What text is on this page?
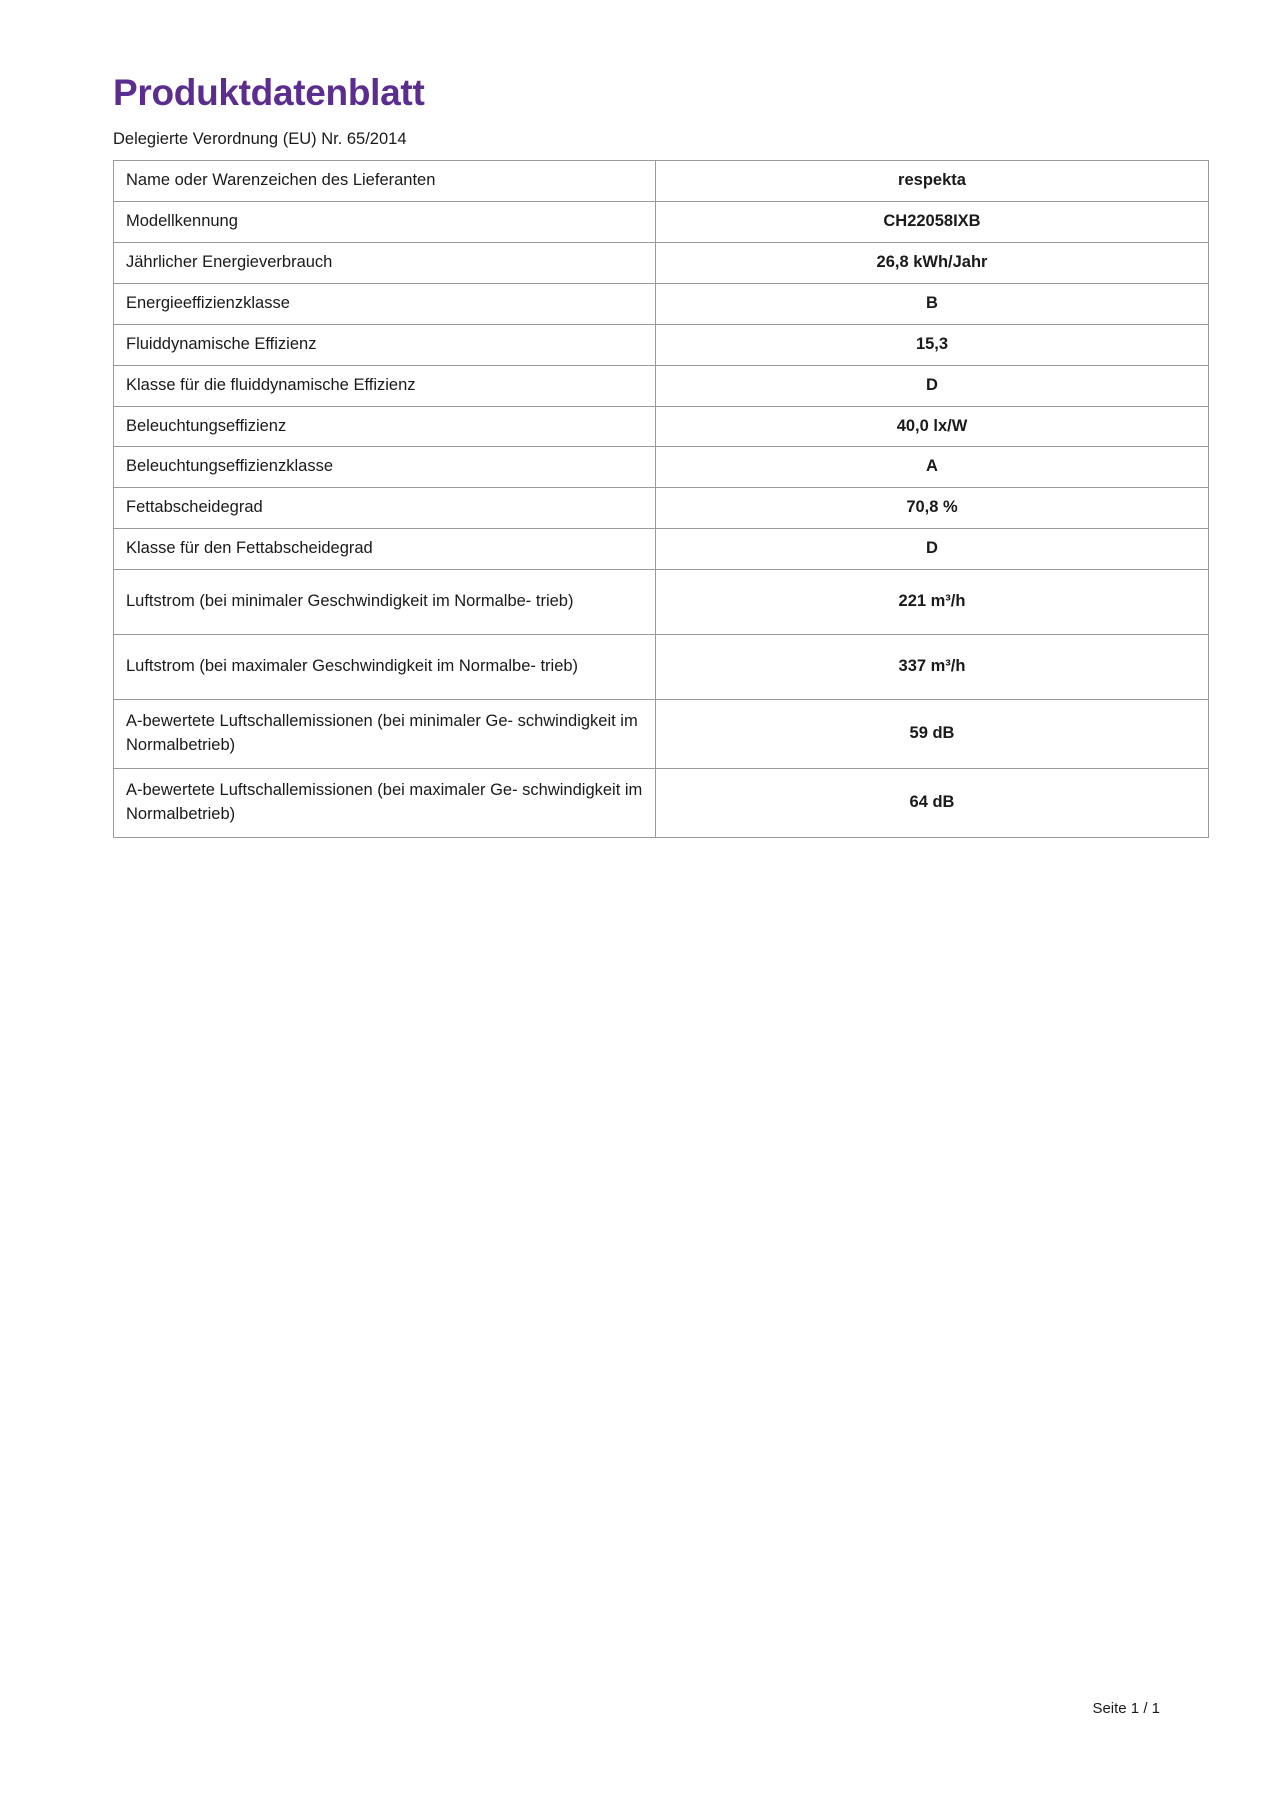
Produktdatenblatt

Delegierte Verordnung (EU) Nr. 65/2014

Name oder Warenzeichen des Lieferanten	respekta
Modellkennung	CH22058IXB
Jährlicher Energieverbrauch	26,8 kWh/Jahr
Energieeffizienzklasse	B
Fluiddynamische Effizienz	15,3
Klasse für die fluiddynamische Effizienz	D
Beleuchtungseffizienz	40,0 lx/W
Beleuchtungseffizienzklasse	A
Fettabscheidegrad	70,8 %
Klasse für den Fettabscheidegrad	D
Luftstrom (bei minimaler Geschwindigkeit im Normalbe- trieb)	221 m³/h
Luftstrom (bei maximaler Geschwindigkeit im Normalbe- trieb)	337 m³/h
A-bewertete Luftschallemissionen (bei minimaler Ge- schwindigkeit im Normalbetrieb)	59 dB
A-bewertete Luftschallemissionen (bei maximaler Ge- schwindigkeit im Normalbetrieb)	64 dB
Seite 1 / 1
